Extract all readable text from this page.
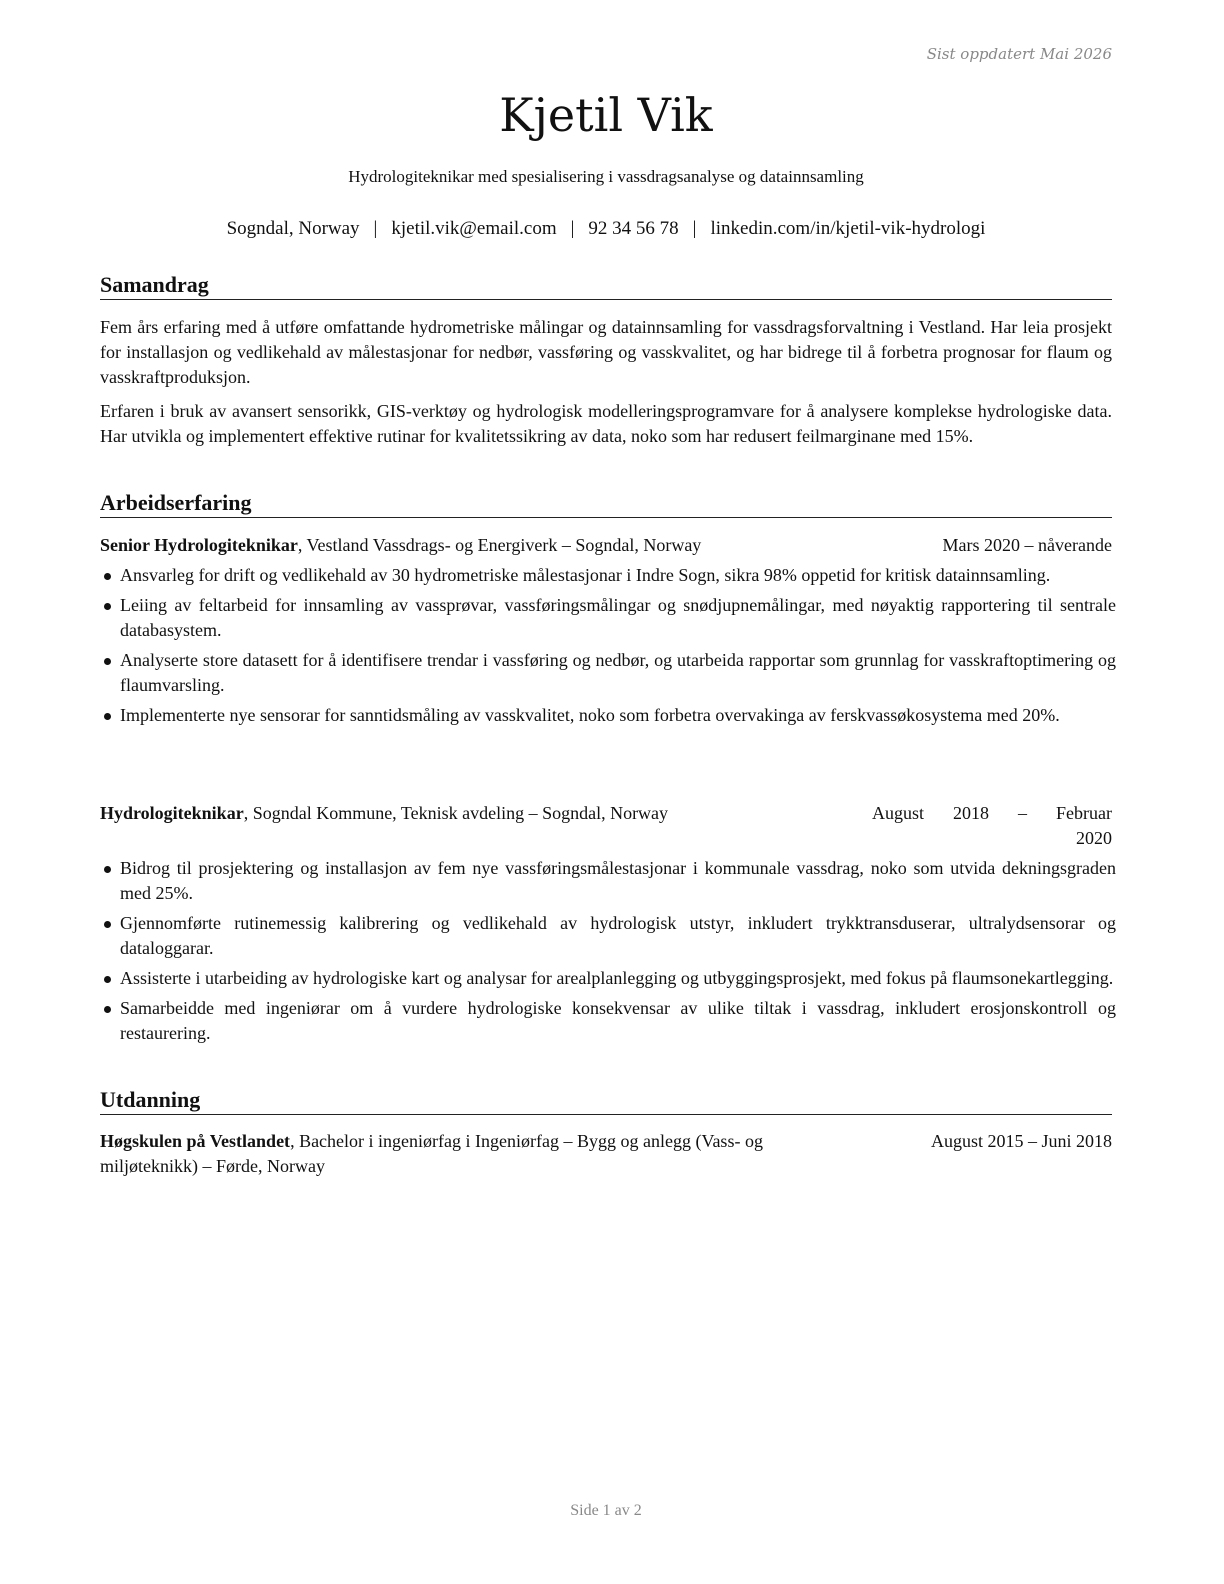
Sist oppdatert Mai 2026
Kjetil Vik
Hydrologiteknikar med spesialisering i vassdragsanalyse og datainnsamling
Sogndal, Norway | kjetil.vik@email.com | 92 34 56 78 | linkedin.com/in/kjetil-vik-hydrologi
Samandrag
Fem års erfaring med å utføre omfattande hydrometriske målingar og datainnsamling for vassdragsforvaltning i Vestland. Har leia prosjekt for installasjon og vedlikehald av målestasjonar for nedbør, vassføring og vasskvalitet, og har bidrege til å forbetra prognosar for flaum og vasskraftproduksjon.
Erfaren i bruk av avansert sensorikk, GIS-verktøy og hydrologisk modelleringsprogramvare for å analysere komplekse hydrologiske data. Har utvikla og implementert effektive rutinar for kvalitetssikring av data, noko som har redusert feilmarginane med 15%.
Arbeidserfaring
Senior Hydrologiteknikar, Vestland Vassdrags- og Energiverk – Sogndal, Norway	Mars 2020 – nåverande
Ansvarleg for drift og vedlikehald av 30 hydrometriske målestasjonar i Indre Sogn, sikra 98% oppetid for kritisk datainnsamling.
Leiing av feltarbeid for innsamling av vassprøvar, vassføringsmålingar og snødjupnemålingar, med nøyaktig rapportering til sentrale databasystem.
Analyserte store datasett for å identifisere trendar i vassføring og nedbør, og utarbeida rapportar som grunnlag for vasskraftoptimering og flaumvarsling.
Implementerte nye sensorar for sanntidsmåling av vasskvalitet, noko som forbetra overvakinga av ferskvassøkosystema med 20%.
Hydrologiteknikar, Sogndal Kommune, Teknisk avdeling – Sogndal, Norway	August 2018 – Februar
2020
Bidrog til prosjektering og installasjon av fem nye vassføringsmålestasjonar i kommunale vassdrag, noko som utvida dekningsgraden med 25%.
Gjennomførte rutinemessig kalibrering og vedlikehald av hydrologisk utstyr, inkludert trykktransduserar, ultralydsensorar og dataloggarar.
Assisterte i utarbeiding av hydrologiske kart og analysar for arealplanlegging og utbyggingsprosjekt, med fokus på flaumsonekartlegging.
Samarbeidde med ingeniørar om å vurdere hydrologiske konsekvensar av ulike tiltak i vassdrag, inkludert erosjonskontroll og restaurering.
Utdanning
Høgskulen på Vestlandet, Bachelor i ingeniørfag i Ingeniørfag – Bygg og anlegg (Vass- og
miljøteknikk) – Førde, Norway
August 2015 – Juni 2018
Side 1 av 2
